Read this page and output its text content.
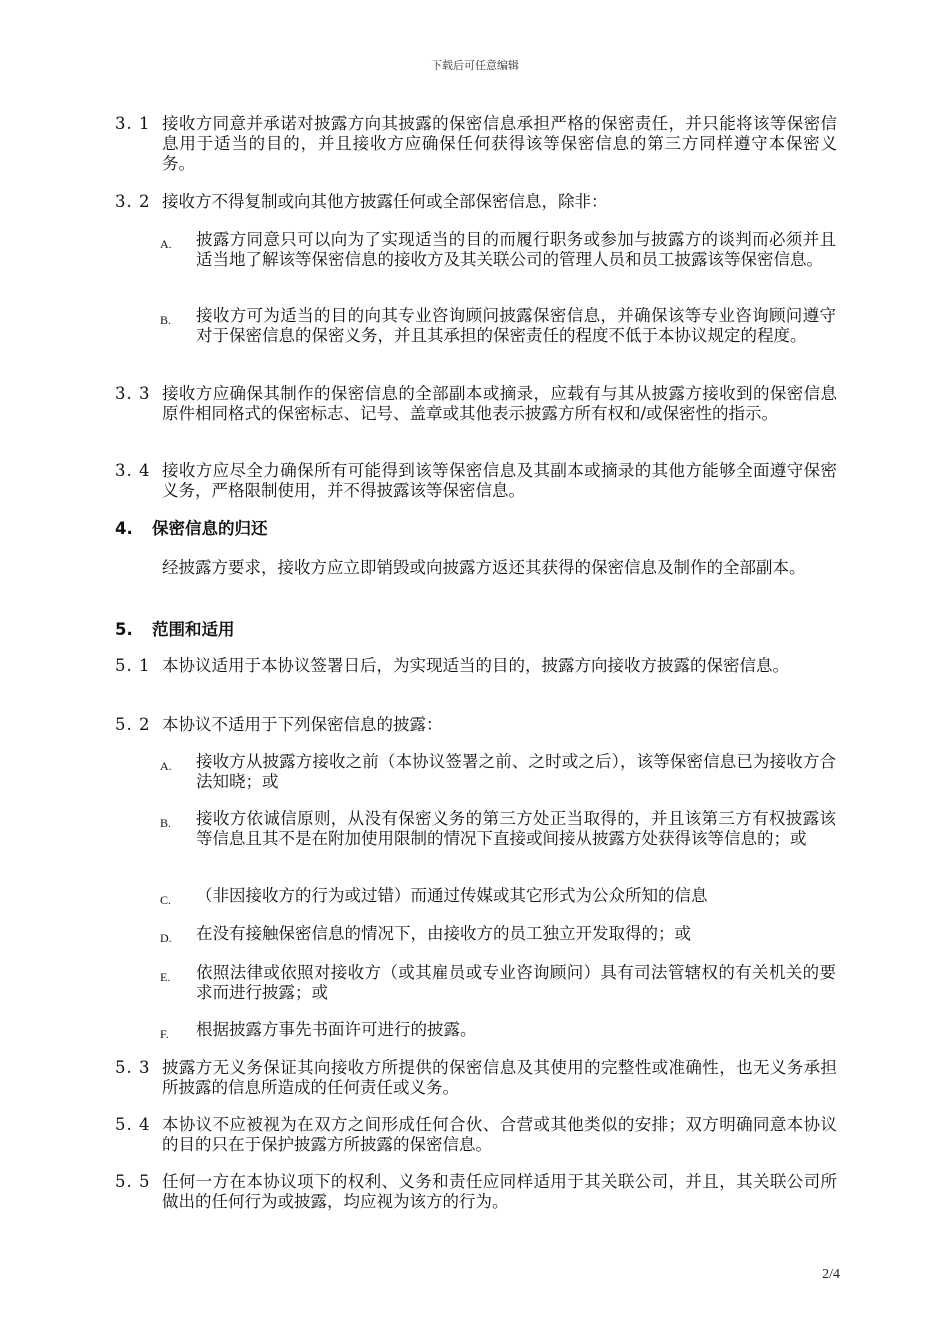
下载后可任意编辑
3. 1 接收方同意并承诺对披露方向其披露的保密信息承担严格的保密责任，并只能将该等保密信息用于适当的目的，并且接收方应确保任何获得该等保密信息的第三方同样遵守本保密义务。
3. 2 接收方不得复制或向其他方披露任何或全部保密信息，除非：
A.	披露方同意只可以向为了实现适当的目的而履行职务或参加与披露方的谈判而必须并且适当地了解该等保密信息的接收方及其关联公司的管理人员和员工披露该等保密信息。
B.	接收方可为适当的目的向其专业咨询顾问披露保密信息，并确保该等专业咨询顾问遵守对于保密信息的保密义务，并且其承担的保密责任的程度不低于本协议规定的程度。
3. 3 接收方应确保其制作的保密信息的全部副本或摘录，应载有与其从披露方接收到的保密信息原件相同格式的保密标志、记号、盖章或其他表示披露方所有权和/或保密性的指示。
3. 4 接收方应尽全力确保所有可能得到该等保密信息及其副本或摘录的其他方能够全面遵守保密义务，严格限制使用，并不得披露该等保密信息。
4. 保密信息的归还
经披露方要求，接收方应立即销毁或向披露方返还其获得的保密信息及制作的全部副本。
5. 范围和适用
5. 1 本协议适用于本协议签署日后，为实现适当的目的，披露方向接收方披露的保密信息。
5. 2 本协议不适用于下列保密信息的披露：
A.	接收方从披露方接收之前（本协议签署之前、之时或之后），该等保密信息已为接收方合法知晓；或
B.	接收方依诚信原则，从没有保密义务的第三方处正当取得的，并且该第三方有权披露该等信息且其不是在附加使用限制的情况下直接或间接从披露方处获得该等信息的；或
C.	（非因接收方的行为或过错）而通过传媒或其它形式为公众所知的信息
D.	在没有接触保密信息的情况下，由接收方的员工独立开发取得的；或
E.	依照法律或依照对接收方（或其雇员或专业咨询顾问）具有司法管辖权的有关机关的要求而进行披露；或
F.	根据披露方事先书面许可进行的披露。
5. 3 披露方无义务保证其向接收方所提供的保密信息及其使用的完整性或准确性，也无义务承担所披露的信息所造成的任何责任或义务。
5. 4 本协议不应被视为在双方之间形成任何合伙、合营或其他类似的安排；双方明确同意本协议的目的只在于保护披露方所披露的保密信息。
5. 5 任何一方在本协议项下的权利、义务和责任应同样适用于其关联公司，并且，其关联公司所做出的任何行为或披露，均应视为该方的行为。
2/4
